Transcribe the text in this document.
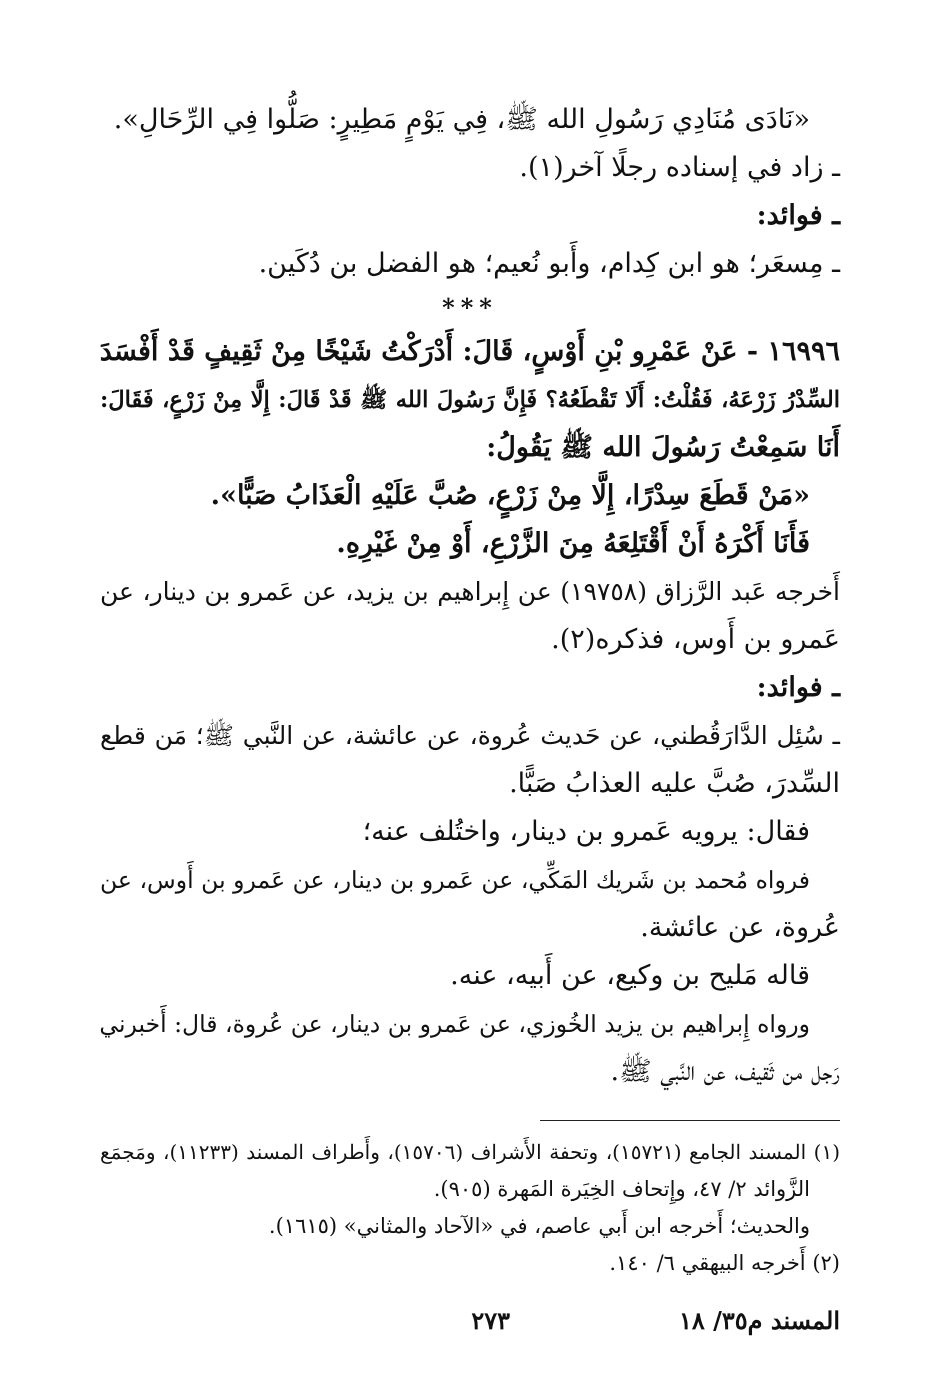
«نَادَى مُنَادِي رَسُولِ الله ﷺ، فِي يَوْمٍ مَطِيرٍ: صَلُّوا فِي الرِّحَالِ».

ـ زاد في إسناده رجلًا آخر(١).

ـ فوائد:

ـ مِسعَر؛ هو ابن كِدام، وأَبو نُعيم؛ هو الفضل بن دُكَين.

***

١٦٩٩٦ - عَنْ عَمْرِو بْنِ أَوْسٍ، قَالَ: أَدْرَكْتُ شَيْخًا مِنْ ثَقِيفٍ قَدْ أَفْسَدَ

السِّدْرُ زَرْعَهُ، فَقُلْتُ: أَلَا تَقْطَعُهُ؟ فَإِنَّ رَسُولَ الله ﷺ قَدْ قَالَ: إِلَّا مِنْ زَرْعٍ، فَقَالَ:

أَنَا سَمِعْتُ رَسُولَ الله ﷺ يَقُولُ:

«مَنْ قَطَعَ سِدْرًا، إِلَّا مِنْ زَرْعٍ، صُبَّ عَلَيْهِ الْعَذَابُ صَبًّا».

فَأَنَا أَكْرَهُ أَنْ أَقْتَلِعَهُ مِنَ الزَّرْعِ، أَوْ مِنْ غَيْرِهِ.

أَخرجه عَبد الرَّزاق (١٩٧٥٨) عن إِبراهيم بن يزيد، عن عَمرو بن دينار، عن

عَمرو بن أَوس، فذكره(٢).

ـ فوائد:

ـ سُئِل الدَّارَقُطني، عن حَديث عُروة، عن عائشة، عن النَّبي ﷺ؛ مَن قطع

السِّدرَ، صُبَّ عليه العذابُ صَبًّا.

فقال: يرويه عَمرو بن دينار، واختُلف عنه؛

فرواه مُحمد بن شَريك المَكِّي، عن عَمرو بن دينار، عن عَمرو بن أَوس، عن

عُروة، عن عائشة.

قاله مَليح بن وكيع، عن أَبيه، عنه.

ورواه إِبراهيم بن يزيد الخُوزي، عن عَمرو بن دينار، عن عُروة، قال: أَخبرني

رَجل من ثَقيف، عن النَّبي ﷺ.

(١) المسند الجامع (١٥٧٢١)، وتحفة الأَشراف (١٥٧٠٦)، وأَطراف المسند (١١٢٣٣)، ومَجمَع

الزَّوائد ٢/ ٤٧، وإِتحاف الخِيَرة المَهرة (٩٠٥).

والحديث؛ أَخرجه ابن أَبي عاصم، في «الآحاد والمثاني» (١٦١٥).

(٢) أَخرجه البيهقي ٦/ ١٤٠.

المسند م٣٥/ ١٨
٢٧٣
